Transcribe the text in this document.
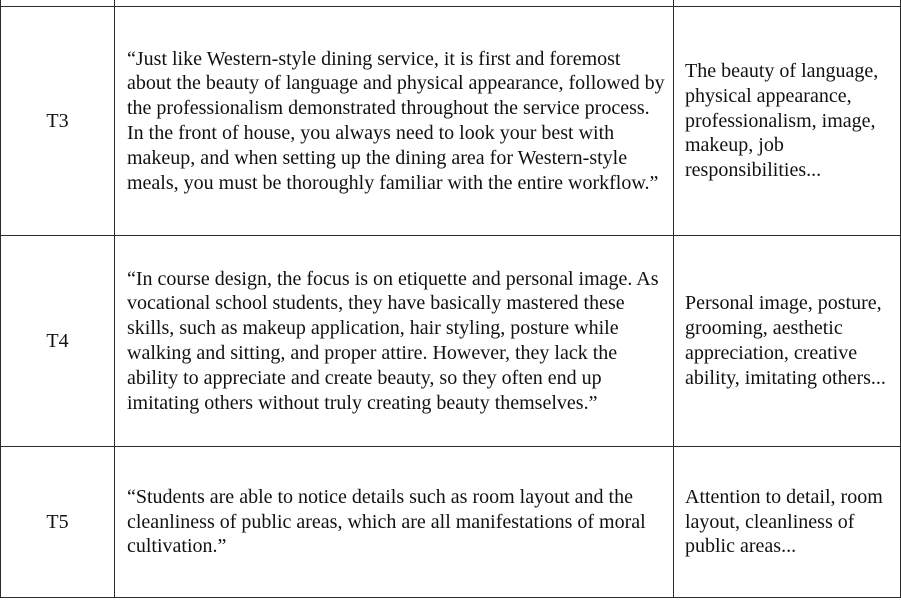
T3	“Just like Western-style dining service, it is first and foremost about the beauty of language and physical appearance, followed by the professionalism demonstrated throughout the service process. In the front of house, you always need to look your best with makeup, and when setting up the dining area for Western-style meals, you must be thoroughly familiar with the entire workflow.”	The beauty of language, physical appearance, professionalism, image, makeup, job responsibilities...
T4	“In course design, the focus is on etiquette and personal image. As vocational school students, they have basically mastered these skills, such as makeup application, hair styling, posture while walking and sitting, and proper attire. However, they lack the ability to appreciate and create beauty, so they often end up imitating others without truly creating beauty themselves.”	Personal image, posture, grooming, aesthetic appreciation, creative ability, imitating others...
T5	“Students are able to notice details such as room layout and the cleanliness of public areas, which are all manifestations of moral cultivation.”	Attention to detail, room layout, cleanliness of public areas...
